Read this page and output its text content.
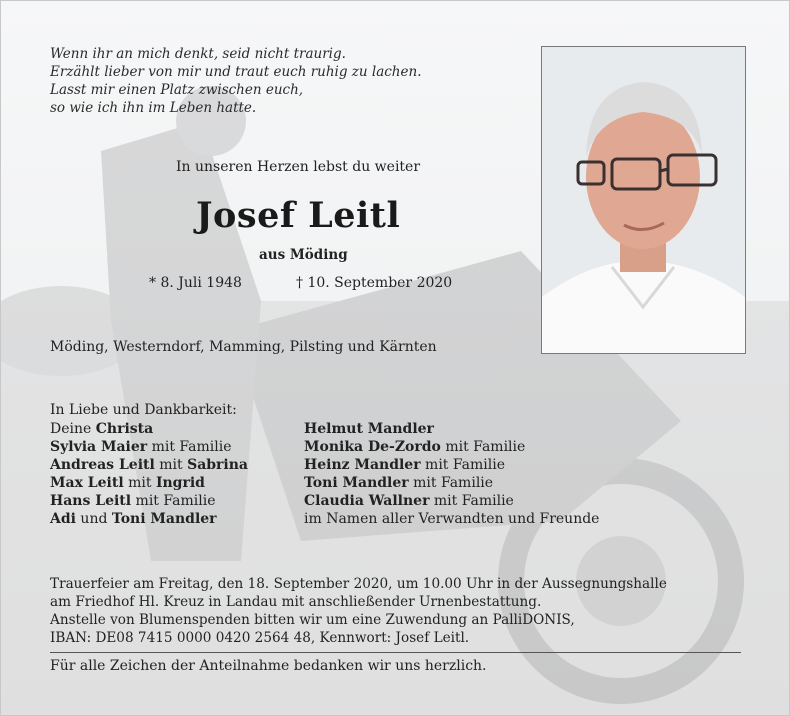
Wenn ihr an mich denkt, seid nicht traurig.
Erzählt lieber von mir und traut euch ruhig zu lachen.
Lasst mir einen Platz zwischen euch,
so wie ich ihn im Leben hatte.
In unseren Herzen lebst du weiter
Josef Leitl
aus Möding
* 8. Juli 1948	† 10. September 2020
Möding, Westerndorf, Mamming, Pilsting und Kärnten
In Liebe und Dankbarkeit:
Deine Christa
Sylvia Maier mit Familie
Andreas Leitl mit Sabrina
Max Leitl mit Ingrid
Hans Leitl mit Familie
Adi und Toni Mandler
Helmut Mandler
Monika De-Zordo mit Familie
Heinz Mandler mit Familie
Toni Mandler mit Familie
Claudia Wallner mit Familie
im Namen aller Verwandten und Freunde
Trauerfeier am Freitag, den 18. September 2020, um 10.00 Uhr in der Aussegnungshalle
am Friedhof Hl. Kreuz in Landau mit anschließender Urnenbestattung.
Anstelle von Blumenspenden bitten wir um eine Zuwendung an PalliDONIS,
IBAN: DE08 7415 0000 0420 2564 48, Kennwort: Josef Leitl.
Für alle Zeichen der Anteilnahme bedanken wir uns herzlich.
